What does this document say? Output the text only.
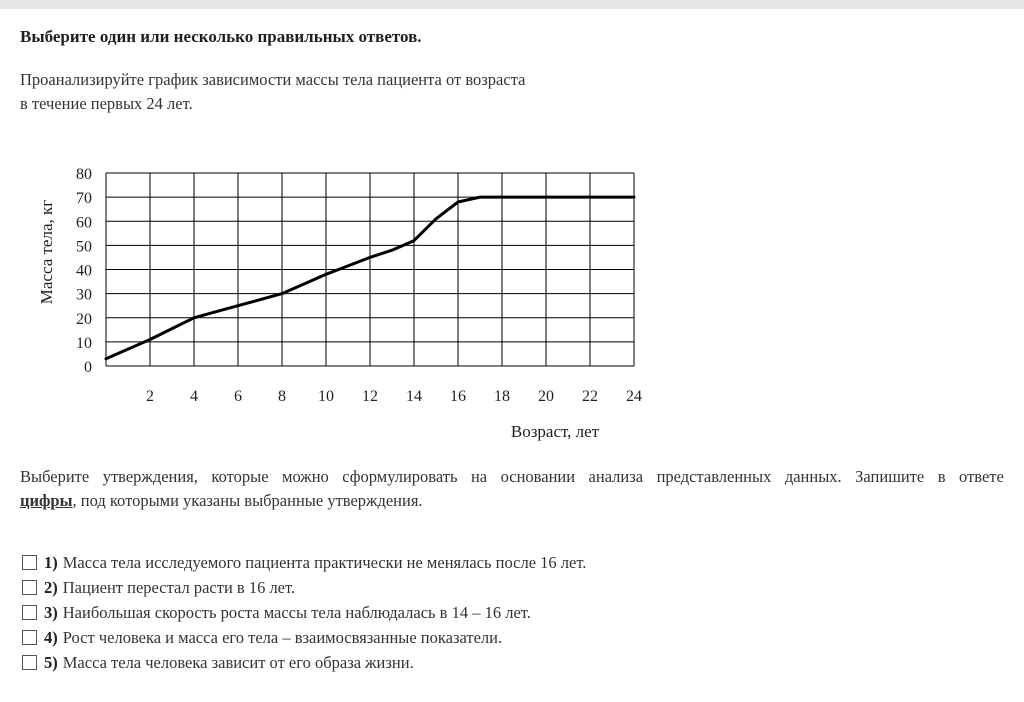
Выберите один или несколько правильных ответов.
Проанализируйте график зависимости массы тела пациента от возраста
в течение первых 24 лет.
0
10
20
30
40
50
60
70
80
2 4 6 8 10 12 14 16 18 20 22 24
Масса тела, кг
Возраст, лет
Выберите утверждения, которые можно сформулировать на основании анализа представленных данных. Запишите в ответе
цифры, под которыми указаны выбранные утверждения.
1) Масса тела исследуемого пациента практически не менялась после 16 лет.
2) Пациент перестал расти в 16 лет.
3) Наибольшая скорость роста массы тела наблюдалась в 14 – 16 лет.
4) Рост человека и масса его тела – взаимосвязанные показатели.
5) Масса тела человека зависит от его образа жизни.
